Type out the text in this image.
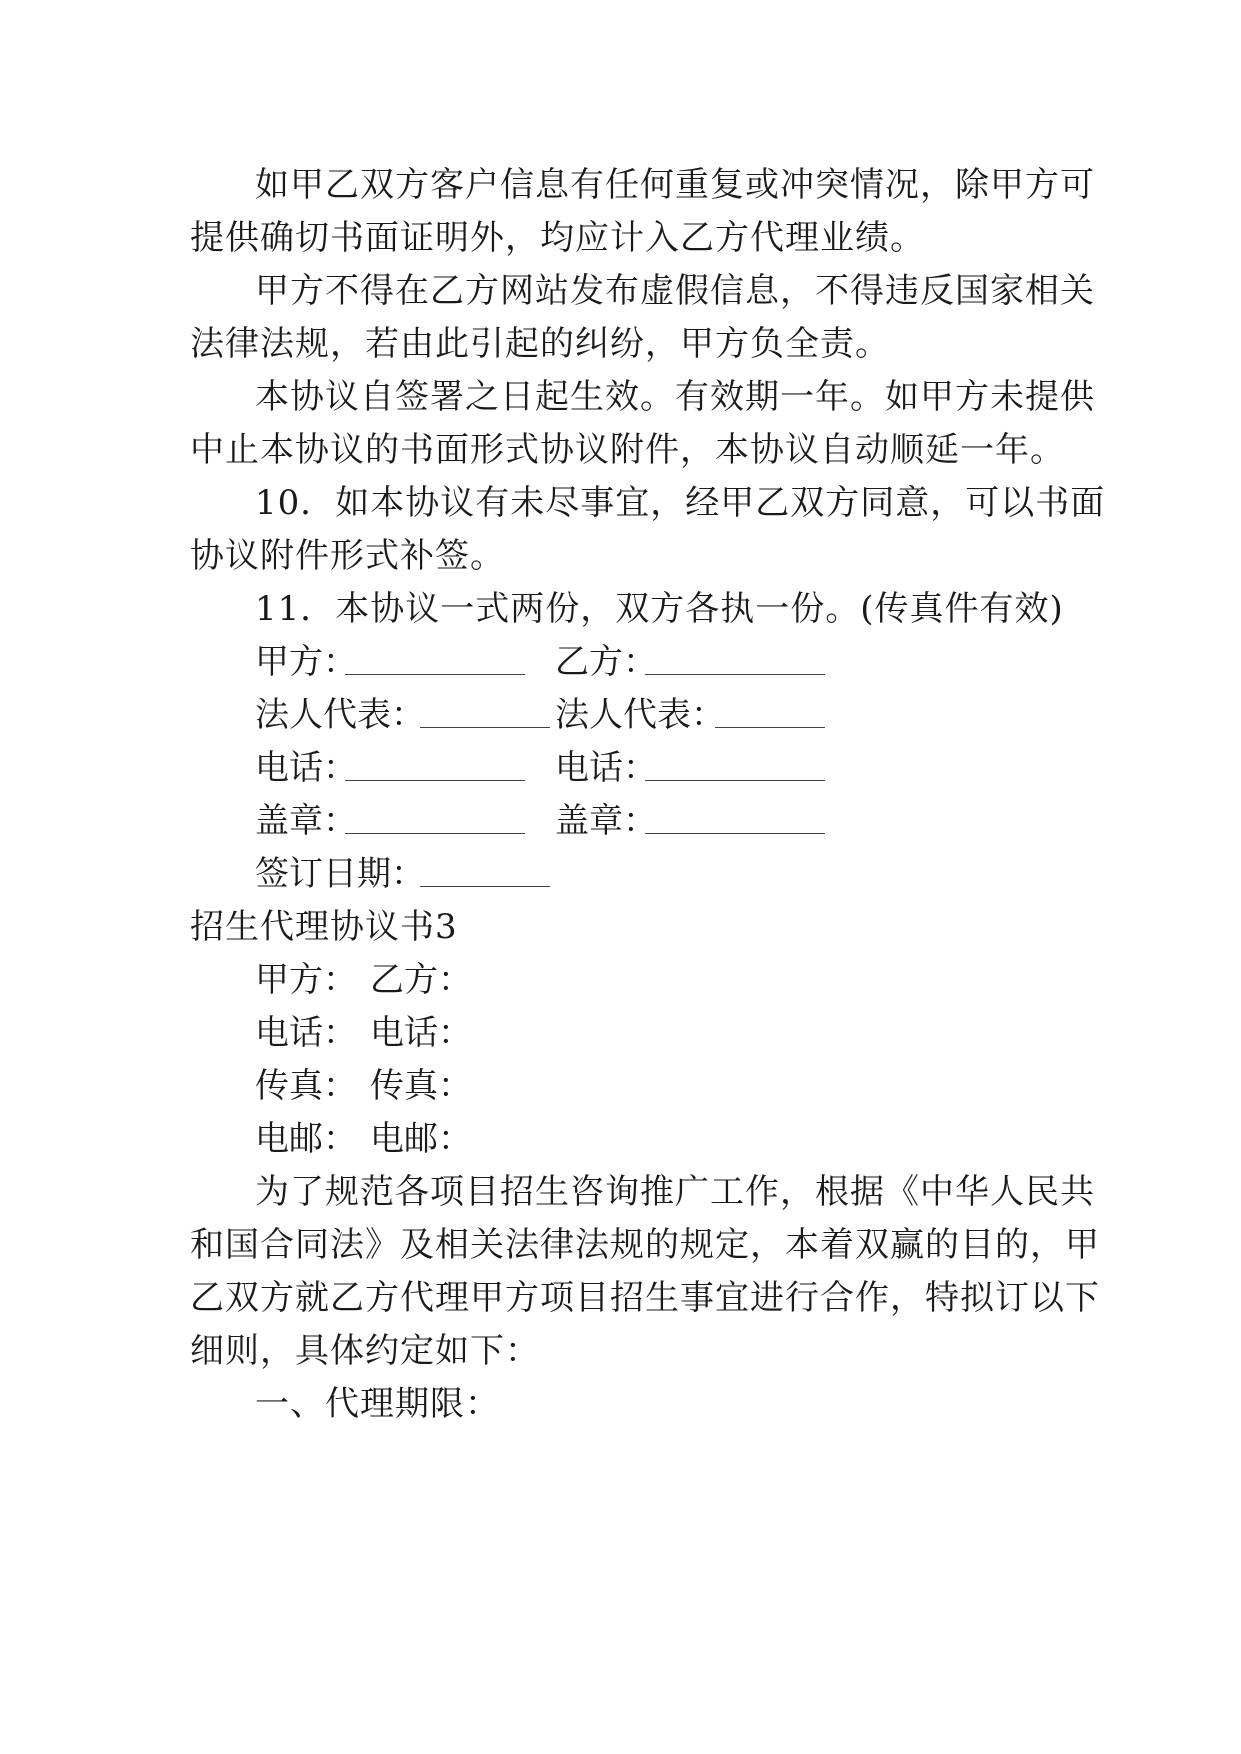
如甲乙双方客户信息有任何重复或冲突情况，除甲方可
提供确切书面证明外，均应计入乙方代理业绩。
甲方不得在乙方网站发布虚假信息，不得违反国家相关
法律法规，若由此引起的纠纷，甲方负全责。
本协议自签署之日起生效。有效期一年。如甲方未提供
中止本协议的书面形式协议附件，本协议自动顺延一年。
10．如本协议有未尽事宜，经甲乙双方同意，可以书面
协议附件形式补签。
11．本协议一式两份，双方各执一份。(传真件有效)
甲方：	乙方：
法人代表：	法人代表：
电话：	电话：
盖章：	盖章：
签订日期：
招生代理协议书3
甲方： 乙方：
电话： 电话：
传真： 传真：
电邮： 电邮：
为了规范各项目招生咨询推广工作，根据《中华人民共
和国合同法》及相关法律法规的规定，本着双赢的目的，甲
乙双方就乙方代理甲方项目招生事宜进行合作，特拟订以下
细则，具体约定如下：
一、代理期限：
